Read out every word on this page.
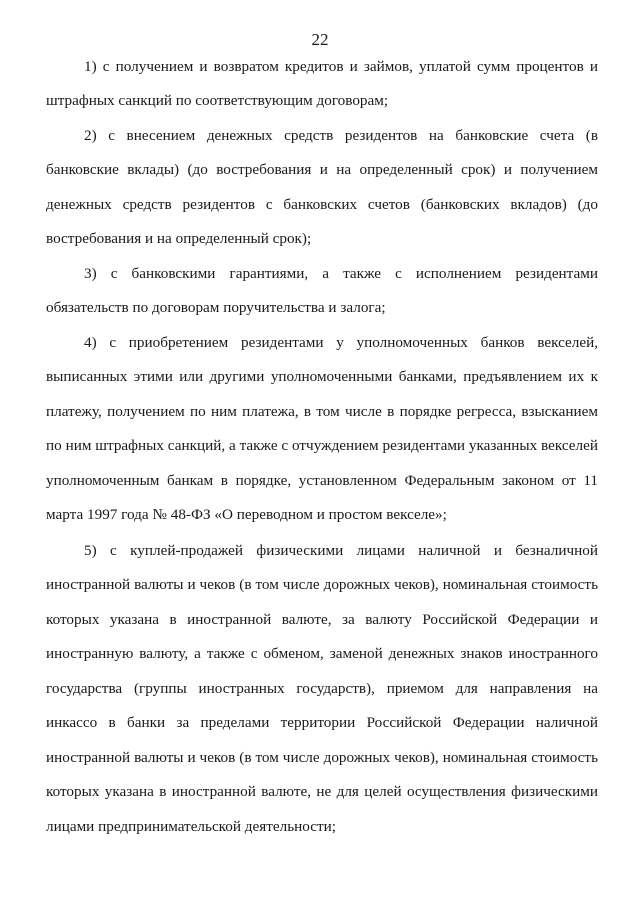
22
1) с получением и возвратом кредитов и займов, уплатой сумм процентов и
штрафных санкций по соответствующим договорам;
2) с внесением денежных средств резидентов на банковские счета (в
банковские вклады) (до востребования и на определенный срок) и получением
денежных средств резидентов с банковских счетов (банковских вкладов) (до
востребования и на определенный срок);
3) с банковскими гарантиями, а также с исполнением резидентами
обязательств по договорам поручительства и залога;
4) с приобретением резидентами у уполномоченных банков векселей,
выписанных этими или другими уполномоченными банками, предъявлением их к
платежу, получением по ним платежа, в том числе в порядке регресса, взысканием
по ним штрафных санкций, а также с отчуждением резидентами указанных векселей
уполномоченным банкам в порядке, установленном Федеральным законом от 11
марта 1997 года № 48-ФЗ «О переводном и простом векселе»;
5) с куплей-продажей физическими лицами наличной и безналичной
иностранной валюты и чеков (в том числе дорожных чеков), номинальная стоимость
которых указана в иностранной валюте, за валюту Российской Федерации и
иностранную валюту, а также с обменом, заменой денежных знаков иностранного
государства (группы иностранных государств), приемом для направления на
инкассо в банки за пределами территории Российской Федерации наличной
иностранной валюты и чеков (в том числе дорожных чеков), номинальная стоимость
которых указана в иностранной валюте, не для целей осуществления физическими
лицами предпринимательской деятельности;
